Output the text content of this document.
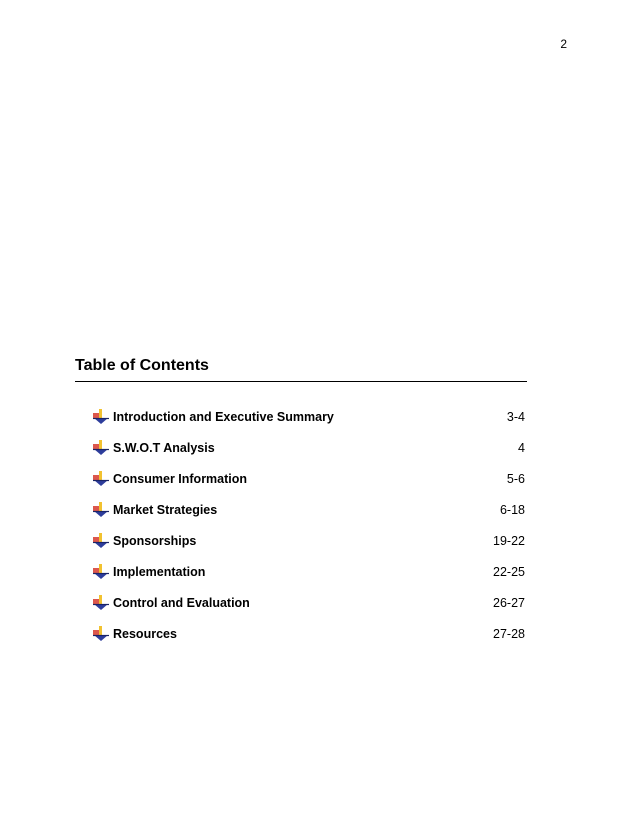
2
Table of Contents
Introduction and Executive Summary	3-4
S.W.O.T Analysis	4
Consumer Information	5-6
Market Strategies	6-18
Sponsorships	19-22
Implementation	22-25
Control and Evaluation	26-27
Resources	27-28
